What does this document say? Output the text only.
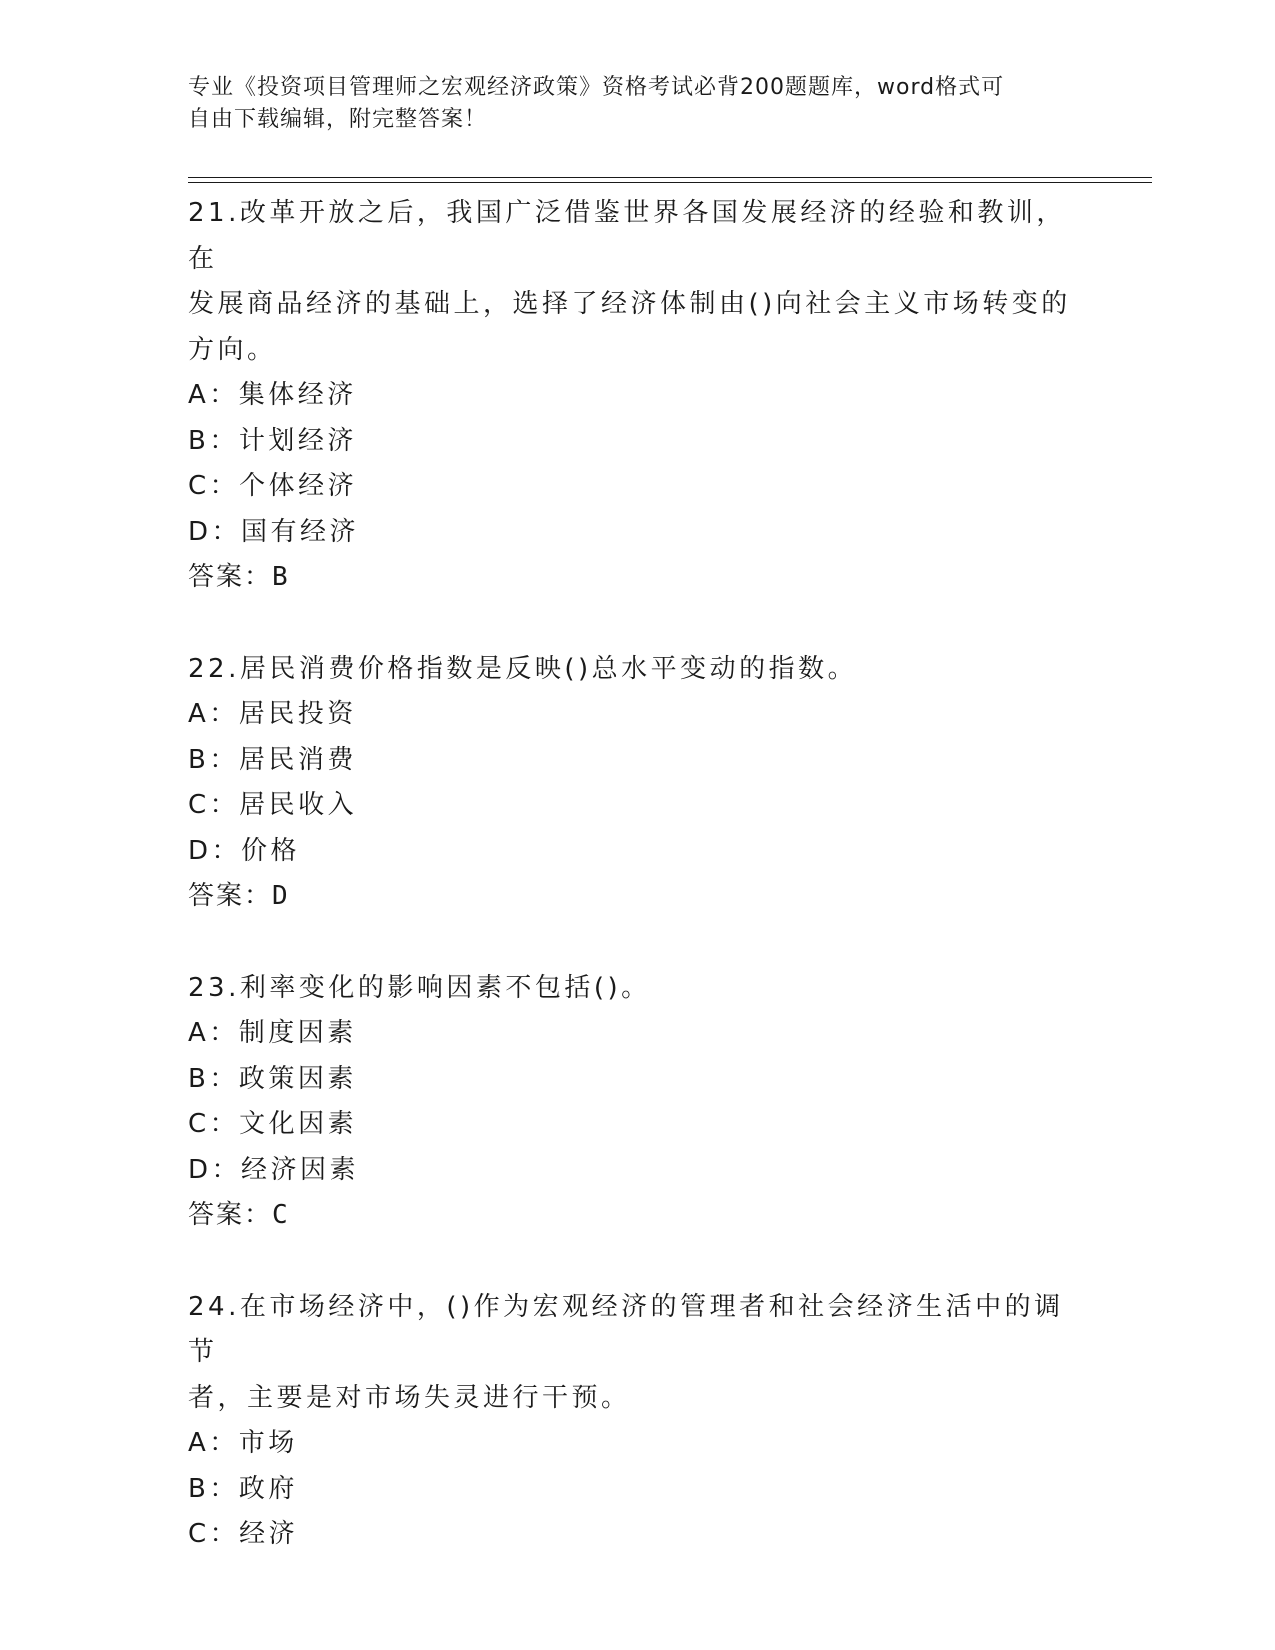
专业《投资项目管理师之宏观经济政策》资格考试必背200题题库，word格式可
自由下载编辑，附完整答案！

21.改革开放之后，我国广泛借鉴世界各国发展经济的经验和教训，在

发展商品经济的基础上，选择了经济体制由()向社会主义市场转变的

方向。

A：集体经济

B：计划经济

C：个体经济

D：国有经济

答案：B

22.居民消费价格指数是反映()总水平变动的指数。

A：居民投资

B：居民消费

C：居民收入

D：价格

答案：D

23.利率变化的影响因素不包括()。

A：制度因素

B：政策因素

C：文化因素

D：经济因素

答案：C

24.在市场经济中，()作为宏观经济的管理者和社会经济生活中的调节

者，主要是对市场失灵进行干预。

A：市场

B：政府

C：经济
